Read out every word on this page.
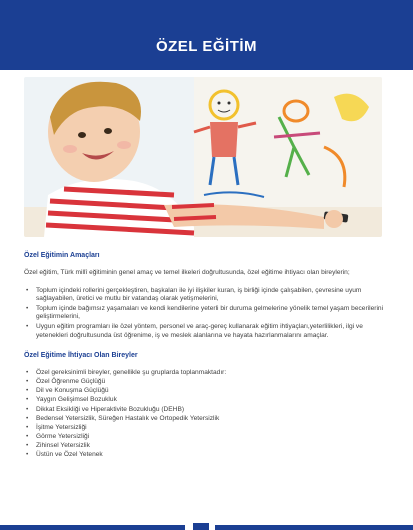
ÖZEL EĞİTİM
Özel Eğitimin Amaçları

Özel eğitim, Türk millî eğitiminin genel amaç ve temel ilkeleri doğrultusunda, özel eğitime ihtiyacı olan bireylerin;

• Toplum içindeki rollerini gerçekleştiren, başkaları ile iyi ilişkiler kuran, iş birliği içinde çalışabilen, çevresine uyum sağlayabilen, üretici ve mutlu bir vatandaş olarak yetişmelerini,
• Toplum içinde bağımsız yaşamaları ve kendi kendilerine yeterli bir duruma gelmelerine yönelik temel yaşam becerilerini geliştirmelerini,
• Uygun eğitim programları ile özel yöntem, personel ve araç-gereç kullanarak eğitim ihtiyaçları,yeterlilikleri, ilgi ve yetenekleri doğrultusunda üst öğrenime, iş ve meslek alanlarına ve hayata hazırlanmalarını amaçlar.
Özel Eğitime İhtiyacı Olan Bireyler
• Özel gereksinimli bireyler, genellikle şu gruplarda toplanmaktadır:
• Özel Öğrenme Güçlüğü
• Dil ve Konuşma Güçlüğü
• Yaygın Gelişimsel Bozukluk
• Dikkat Eksikliği ve Hiperaktivite Bozukluğu (DEHB)
• Bedensel Yetersizlik, Süreğen Hastalık ve Ortopedik Yetersizlik
• İşitme Yetersizliği
• Görme Yetersizliği
• Zihinsel Yetersizlik
• Üstün ve Özel Yetenek
